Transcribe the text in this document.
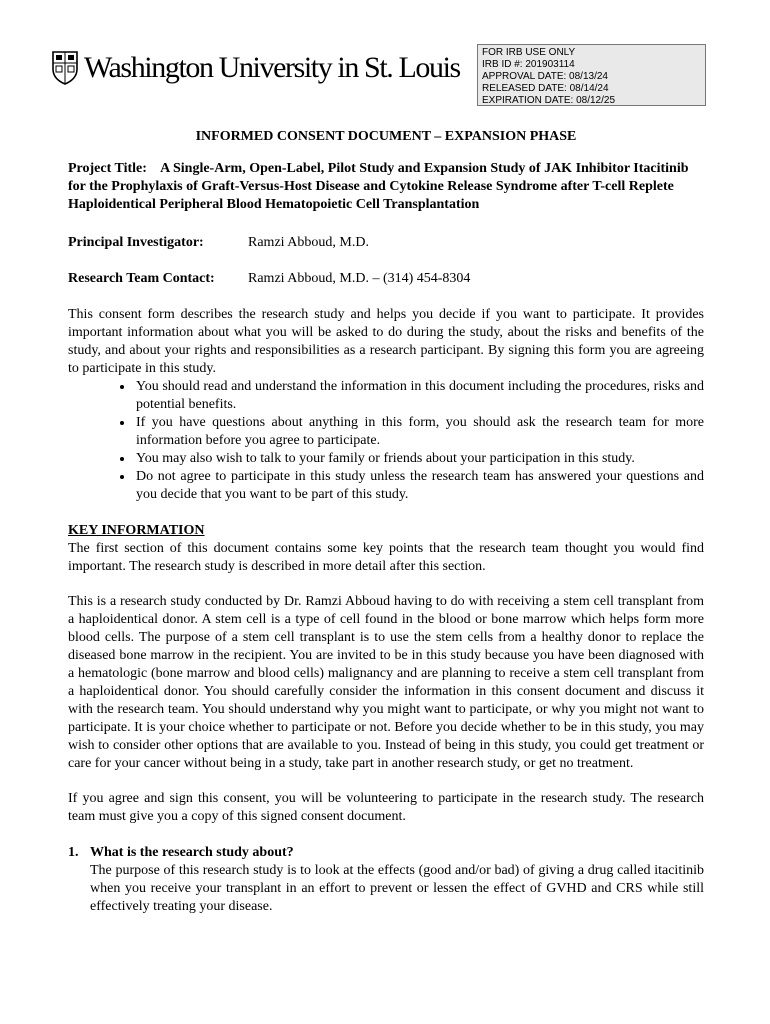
Washington University in St. Louis FOR IRB USE ONLY
IRB ID #: 201903114
APPROVAL DATE: 08/13/24
RELEASED DATE: 08/14/24
EXPIRATION DATE: 08/12/25
INFORMED CONSENT DOCUMENT – EXPANSION PHASE
Project Title: A Single-Arm, Open-Label, Pilot Study and Expansion Study of JAK Inhibitor Itacitinib for the Prophylaxis of Graft-Versus-Host Disease and Cytokine Release Syndrome after T-cell Replete Haploidentical Peripheral Blood Hematopoietic Cell Transplantation
Principal Investigator:	Ramzi Abboud, M.D.
Research Team Contact:	Ramzi Abboud, M.D. – (314) 454-8304

This consent form describes the research study and helps you decide if you want to participate. It provides important information about what you will be asked to do during the study, about the risks and benefits of the study, and about your rights and responsibilities as a research participant. By signing this form you are agreeing to participate in this study.

• You should read and understand the information in this document including the procedures, risks and potential benefits.
• If you have questions about anything in this form, you should ask the research team for more information before you agree to participate.
• You may also wish to talk to your family or friends about your participation in this study.
• Do not agree to participate in this study unless the research team has answered your questions and you decide that you want to be part of this study.
KEY INFORMATION

The first section of this document contains some key points that the research team thought you would find important. The research study is described in more detail after this section.

This is a research study conducted by Dr. Ramzi Abboud having to do with receiving a stem cell transplant from a haploidentical donor. A stem cell is a type of cell found in the blood or bone marrow which helps form more blood cells. The purpose of a stem cell transplant is to use the stem cells from a healthy donor to replace the diseased bone marrow in the recipient. You are invited to be in this study because you have been diagnosed with a hematologic (bone marrow and blood cells) malignancy and are planning to receive a stem cell transplant from a haploidentical donor. You should carefully consider the information in this consent document and discuss it with the research team. You should understand why you might want to participate, or why you might not want to participate. It is your choice whether to participate or not. Before you decide whether to be in this study, you may wish to consider other options that are available to you. Instead of being in this study, you could get treatment or care for your cancer without being in a study, take part in another research study, or get no treatment.

If you agree and sign this consent, you will be volunteering to participate in the research study. The research team must give you a copy of this signed consent document.

1. What is the research study about?

The purpose of this research study is to look at the effects (good and/or bad) of giving a drug called itacitinib when you receive your transplant in an effort to prevent or lessen the effect of GVHD and CRS while still effectively treating your disease.
